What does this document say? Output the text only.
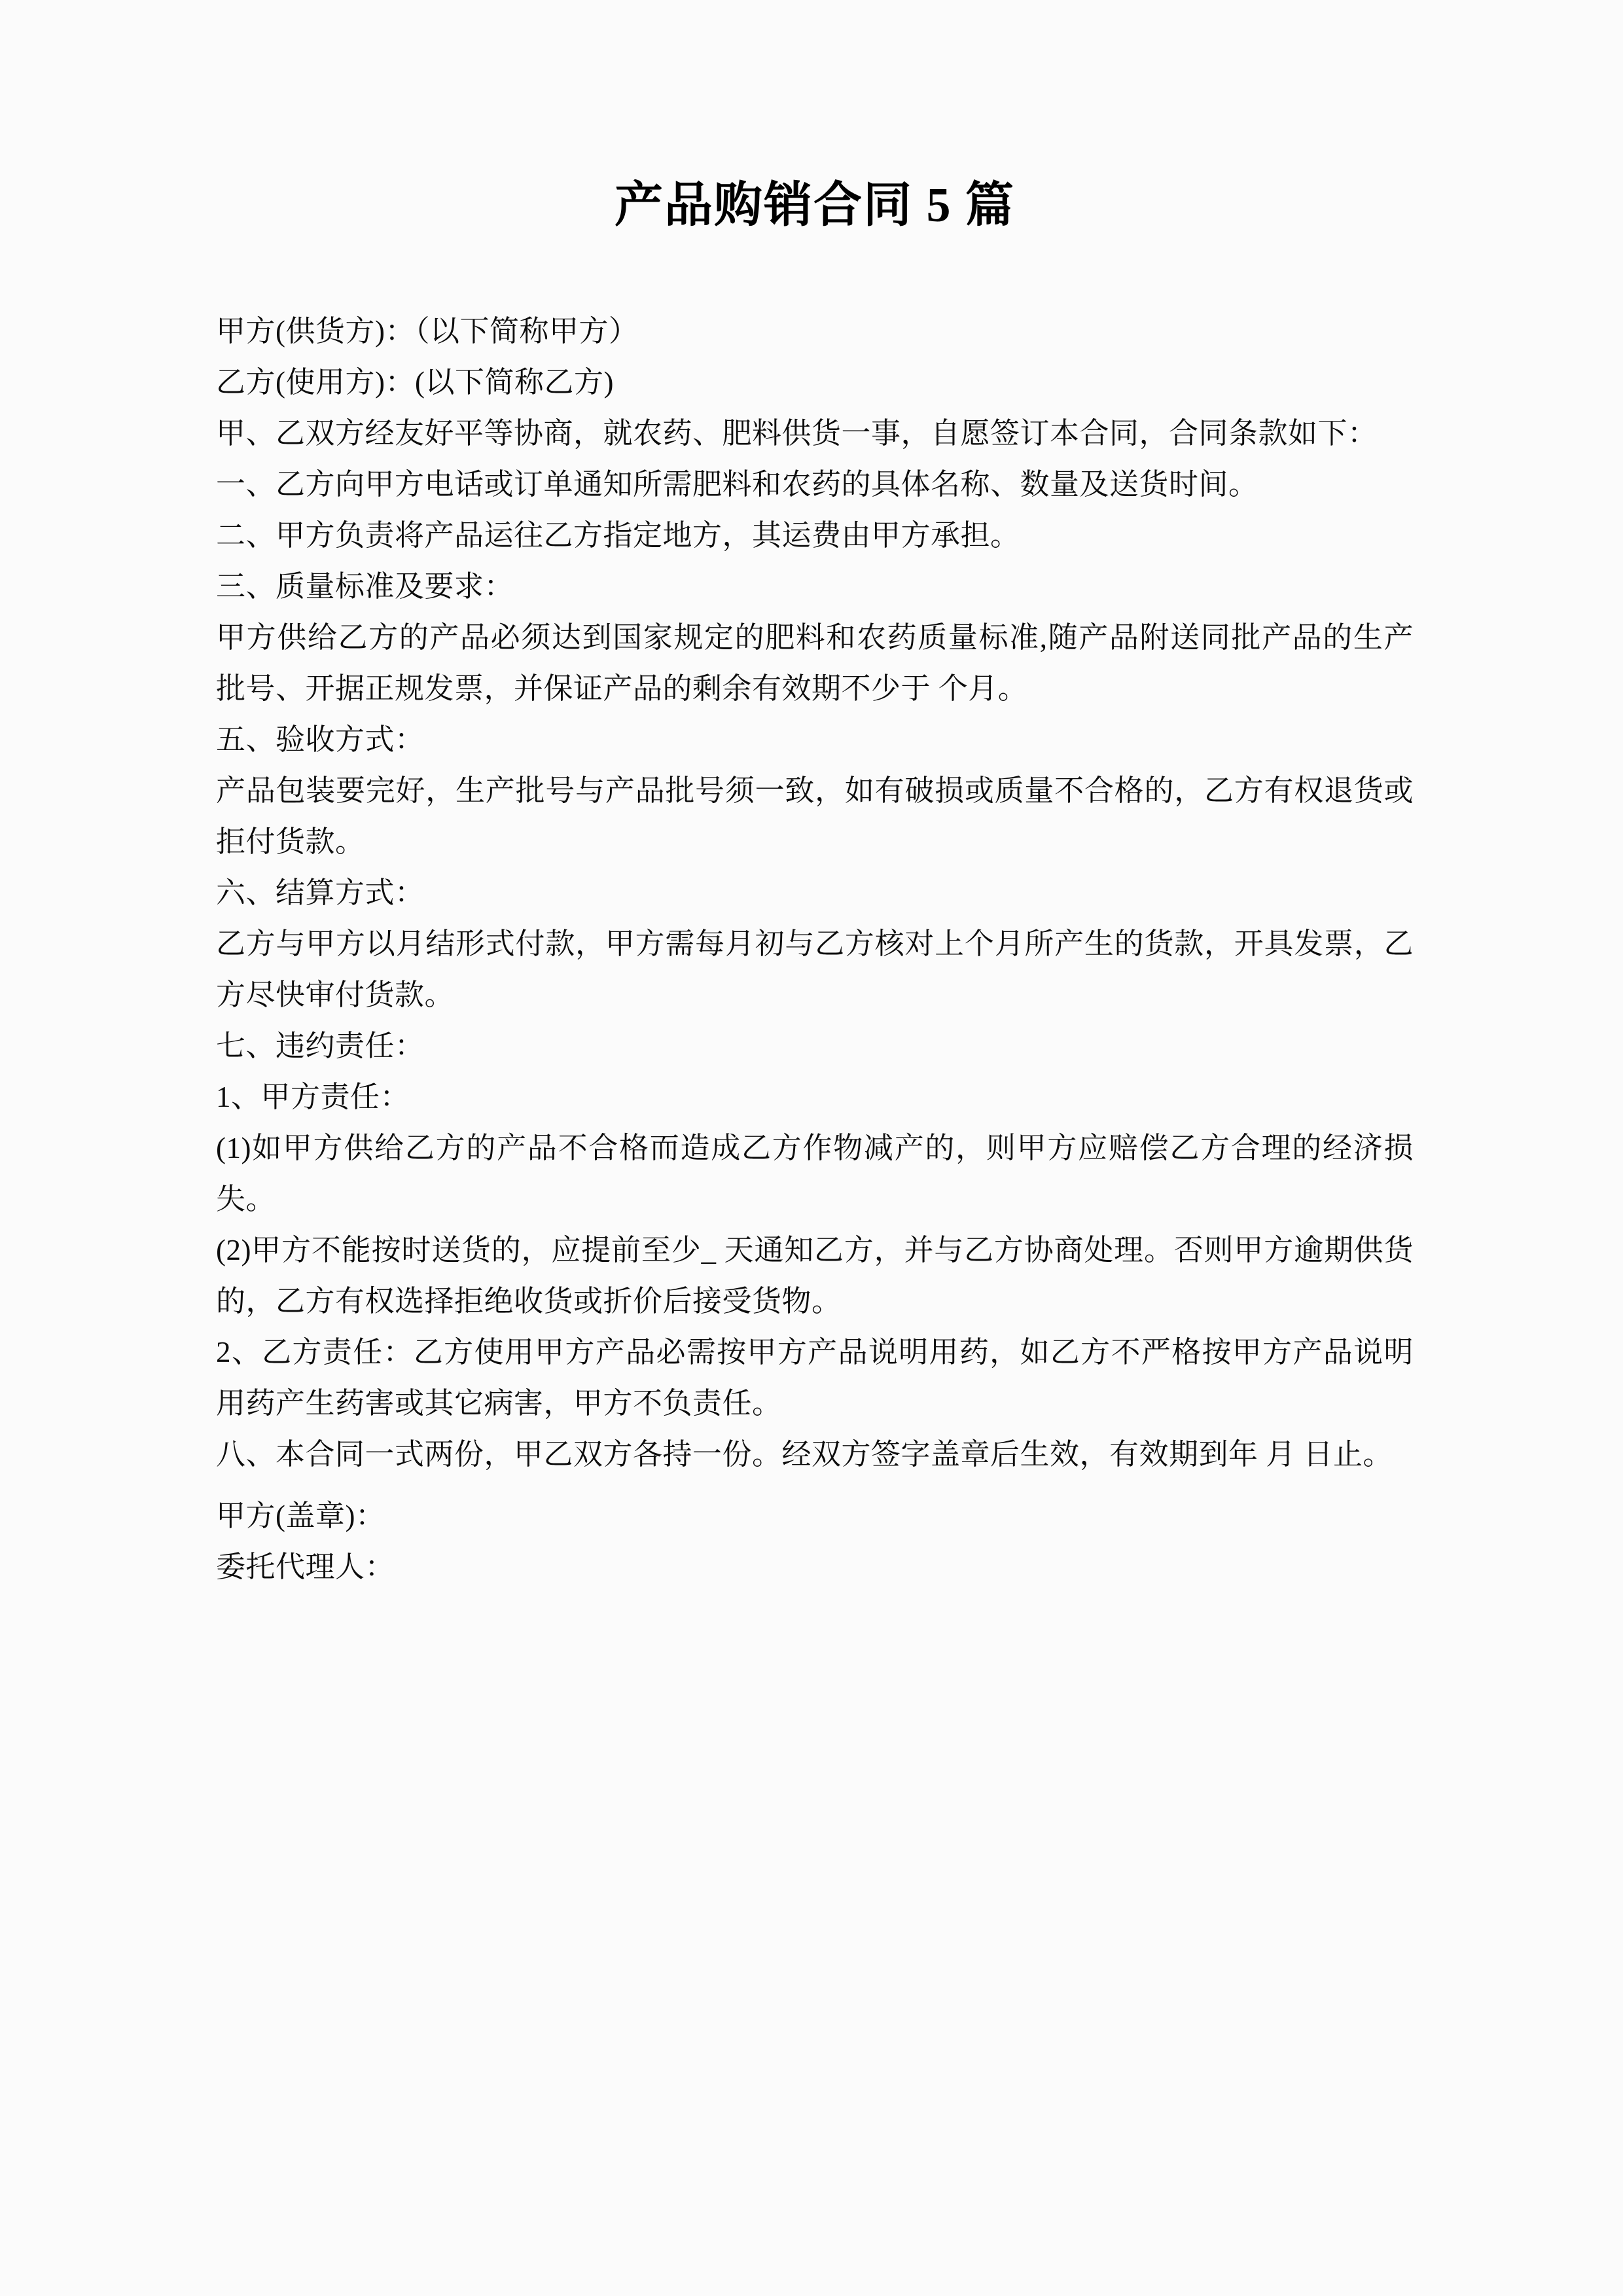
产品购销合同 5 篇

甲方(供货方)：（以下简称甲方）

乙方(使用方)：(以下简称乙方)

甲、乙双方经友好平等协商，就农药、肥料供货一事，自愿签订本合同，合同条款如下：

一、乙方向甲方电话或订单通知所需肥料和农药的具体名称、数量及送货时间。

二、甲方负责将产品运往乙方指定地方，其运费由甲方承担。

三、质量标准及要求：

甲方供给乙方的产品必须达到国家规定的肥料和农药质量标准,随产品附送同批产品的生产批号、开据正规发票，并保证产品的剩余有效期不少于 个月。

五、验收方式：

产品包装要完好，生产批号与产品批号须一致，如有破损或质量不合格的，乙方有权退货或拒付货款。

六、结算方式：

乙方与甲方以月结形式付款，甲方需每月初与乙方核对上个月所产生的货款，开具发票，乙方尽快审付货款。

七、违约责任：

1、甲方责任：

(1)如甲方供给乙方的产品不合格而造成乙方作物减产的，则甲方应赔偿乙方合理的经济损失。

(2)甲方不能按时送货的，应提前至少_ 天通知乙方，并与乙方协商处理。否则甲方逾期供货的，乙方有权选择拒绝收货或折价后接受货物。

2、乙方责任：乙方使用甲方产品必需按甲方产品说明用药，如乙方不严格按甲方产品说明用药产生药害或其它病害，甲方不负责任。

八、本合同一式两份，甲乙双方各持一份。经双方签字盖章后生效，有效期到年 月 日止。

甲方(盖章)：

委托代理人：
